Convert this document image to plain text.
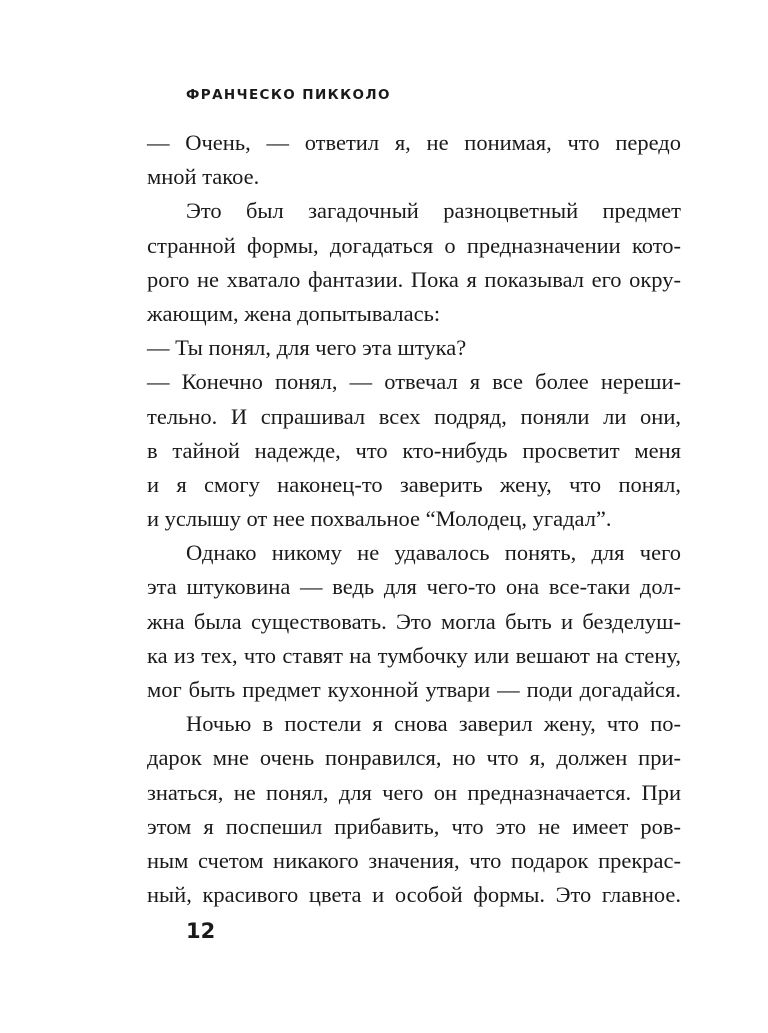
ФРАНЧЕСКО ПИККОЛО
— Очень, — ответил я, не понимая, что передо
мной такое.
Это был загадочный разноцветный предмет
странной формы, догадаться о предназначении кото-
рого не хватало фантазии. Пока я показывал его окру-
жающим, жена допытывалась:
— Ты понял, для чего эта штука?
— Конечно понял, — отвечал я все более нереши-
тельно. И спрашивал всех подряд, поняли ли они,
в тайной надежде, что кто-нибудь просветит меня
и я смогу наконец-то заверить жену, что понял,
и услышу от нее похвальное “Молодец, угадал”.
Однако никому не удавалось понять, для чего
эта штуковина — ведь для чего-то она все-таки дол-
жна была существовать. Это могла быть и безделуш-
ка из тех, что ставят на тумбочку или вешают на стену,
мог быть предмет кухонной утвари — поди догадайся.
Ночью в постели я снова заверил жену, что по-
дарок мне очень понравился, но что я, должен при-
знаться, не понял, для чего он предназначается. При
этом я поспешил прибавить, что это не имеет ров-
ным счетом никакого значения, что подарок прекрас-
ный, красивого цвета и особой формы. Это главное.
12
